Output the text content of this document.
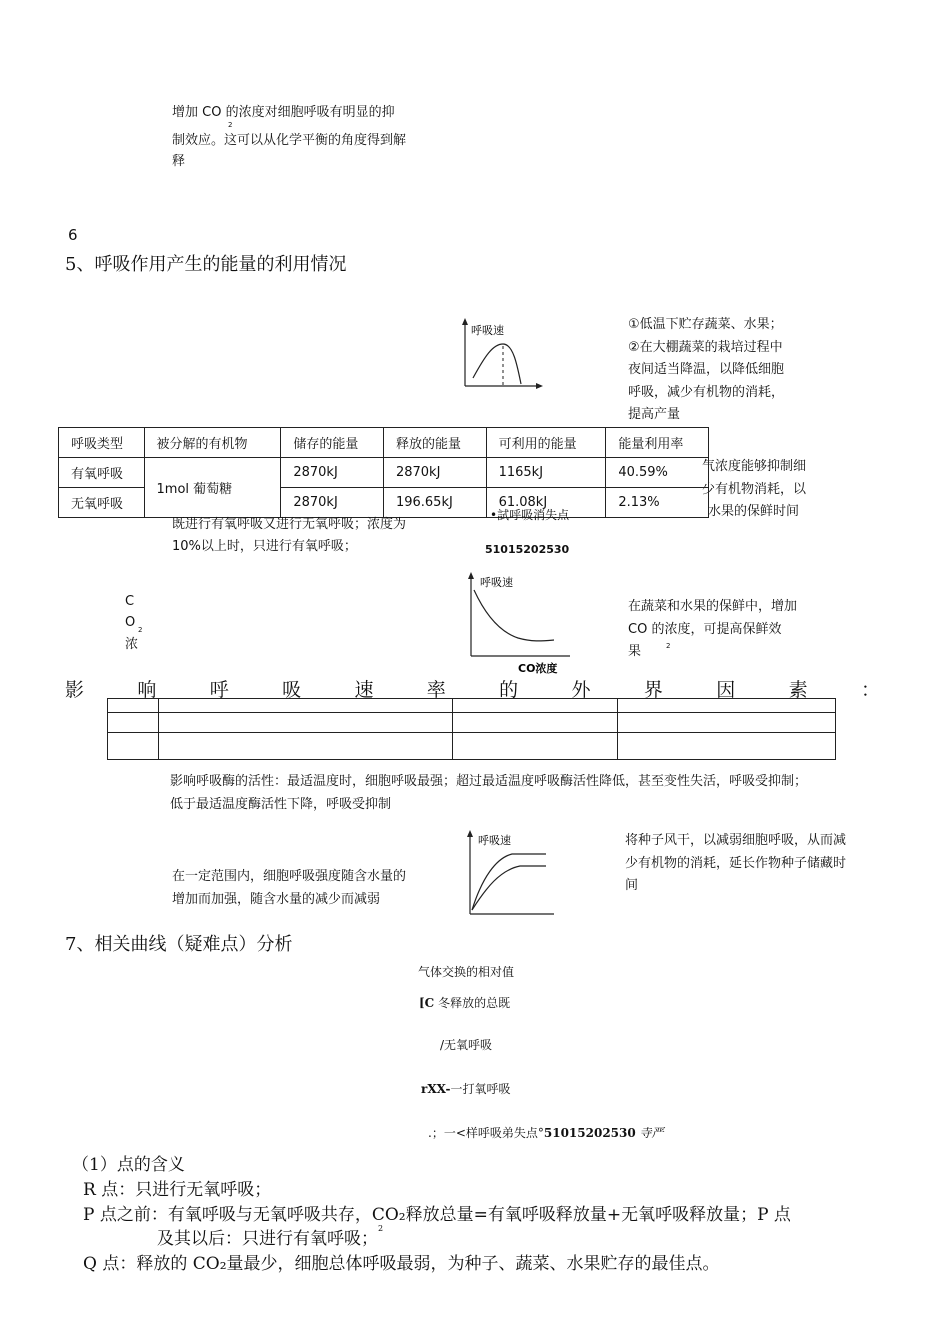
增加 CO 的浓度对细胞呼吸有明显的抑
2
制效应。这可以从化学平衡的角度得到解
释
6
5、呼吸作用产生的能量的利用情况
呼吸速	①低温下贮存蔬菜、水果；
②在大棚蔬菜的栽培过程中
夜间适当降温，以降低细胞
呼吸，减少有机物的消耗，
提高产量
气浓度能够抑制细
少有机物消耗，以
水果的保鲜时间
呼吸类型	被分解的有机物	储存的能量	释放的能量	可利用的能量	能量利用率
有氧呼吸	1mol 葡萄糖	2870kJ	2870kJ	1165kJ	40.59%
无氧呼吸		2870kJ	196.65kJ	61.08kJ	2.13%
既进行有氧呼吸又进行无氧呼吸；浓度为
10%以上时，只进行有氧呼吸；
•試呼吸消失点
51015202530
C
O 2
浓
呼吸速
CO浓度
在蔬菜和水果的保鲜中，增加
CO 的浓度，可提高保鲜效
2
果
影	响	呼	吸	速	率	的	外	界	因	素	：

影响呼吸酶的活性：最适温度时，细胞呼吸最强；超过最适温度呼吸酶活性降低，甚至变性失活，呼吸受抑制；
低于最适温度酶活性下降，呼吸受抑制
呼吸速
在一定范围内，细胞呼吸强度随含水量的
增加而加强，随含水量的减少而减弱
将种子风干，以减弱细胞呼吸，从而减
少有机物的消耗，延长作物种子储藏时
间
7、相关曲线（疑难点）分析
气体交换的相对值
[C 冬释放的总既
/无氧呼吸
rXX-一打氧呼吸
.；一<样呼吸弟失点°51015202530 寺严
（1）点的含义
R 点：只进行无氧呼吸；
P 点之前：有氧呼吸与无氧呼吸共存，CO₂释放总量=有氧呼吸释放量+无氧呼吸释放量；P 点
及其以后：只进行有氧呼吸；$^2$
Q 点：释放的 CO₂量最少，细胞总体呼吸最弱，为种子、蔬菜、水果贮存的最佳点。
